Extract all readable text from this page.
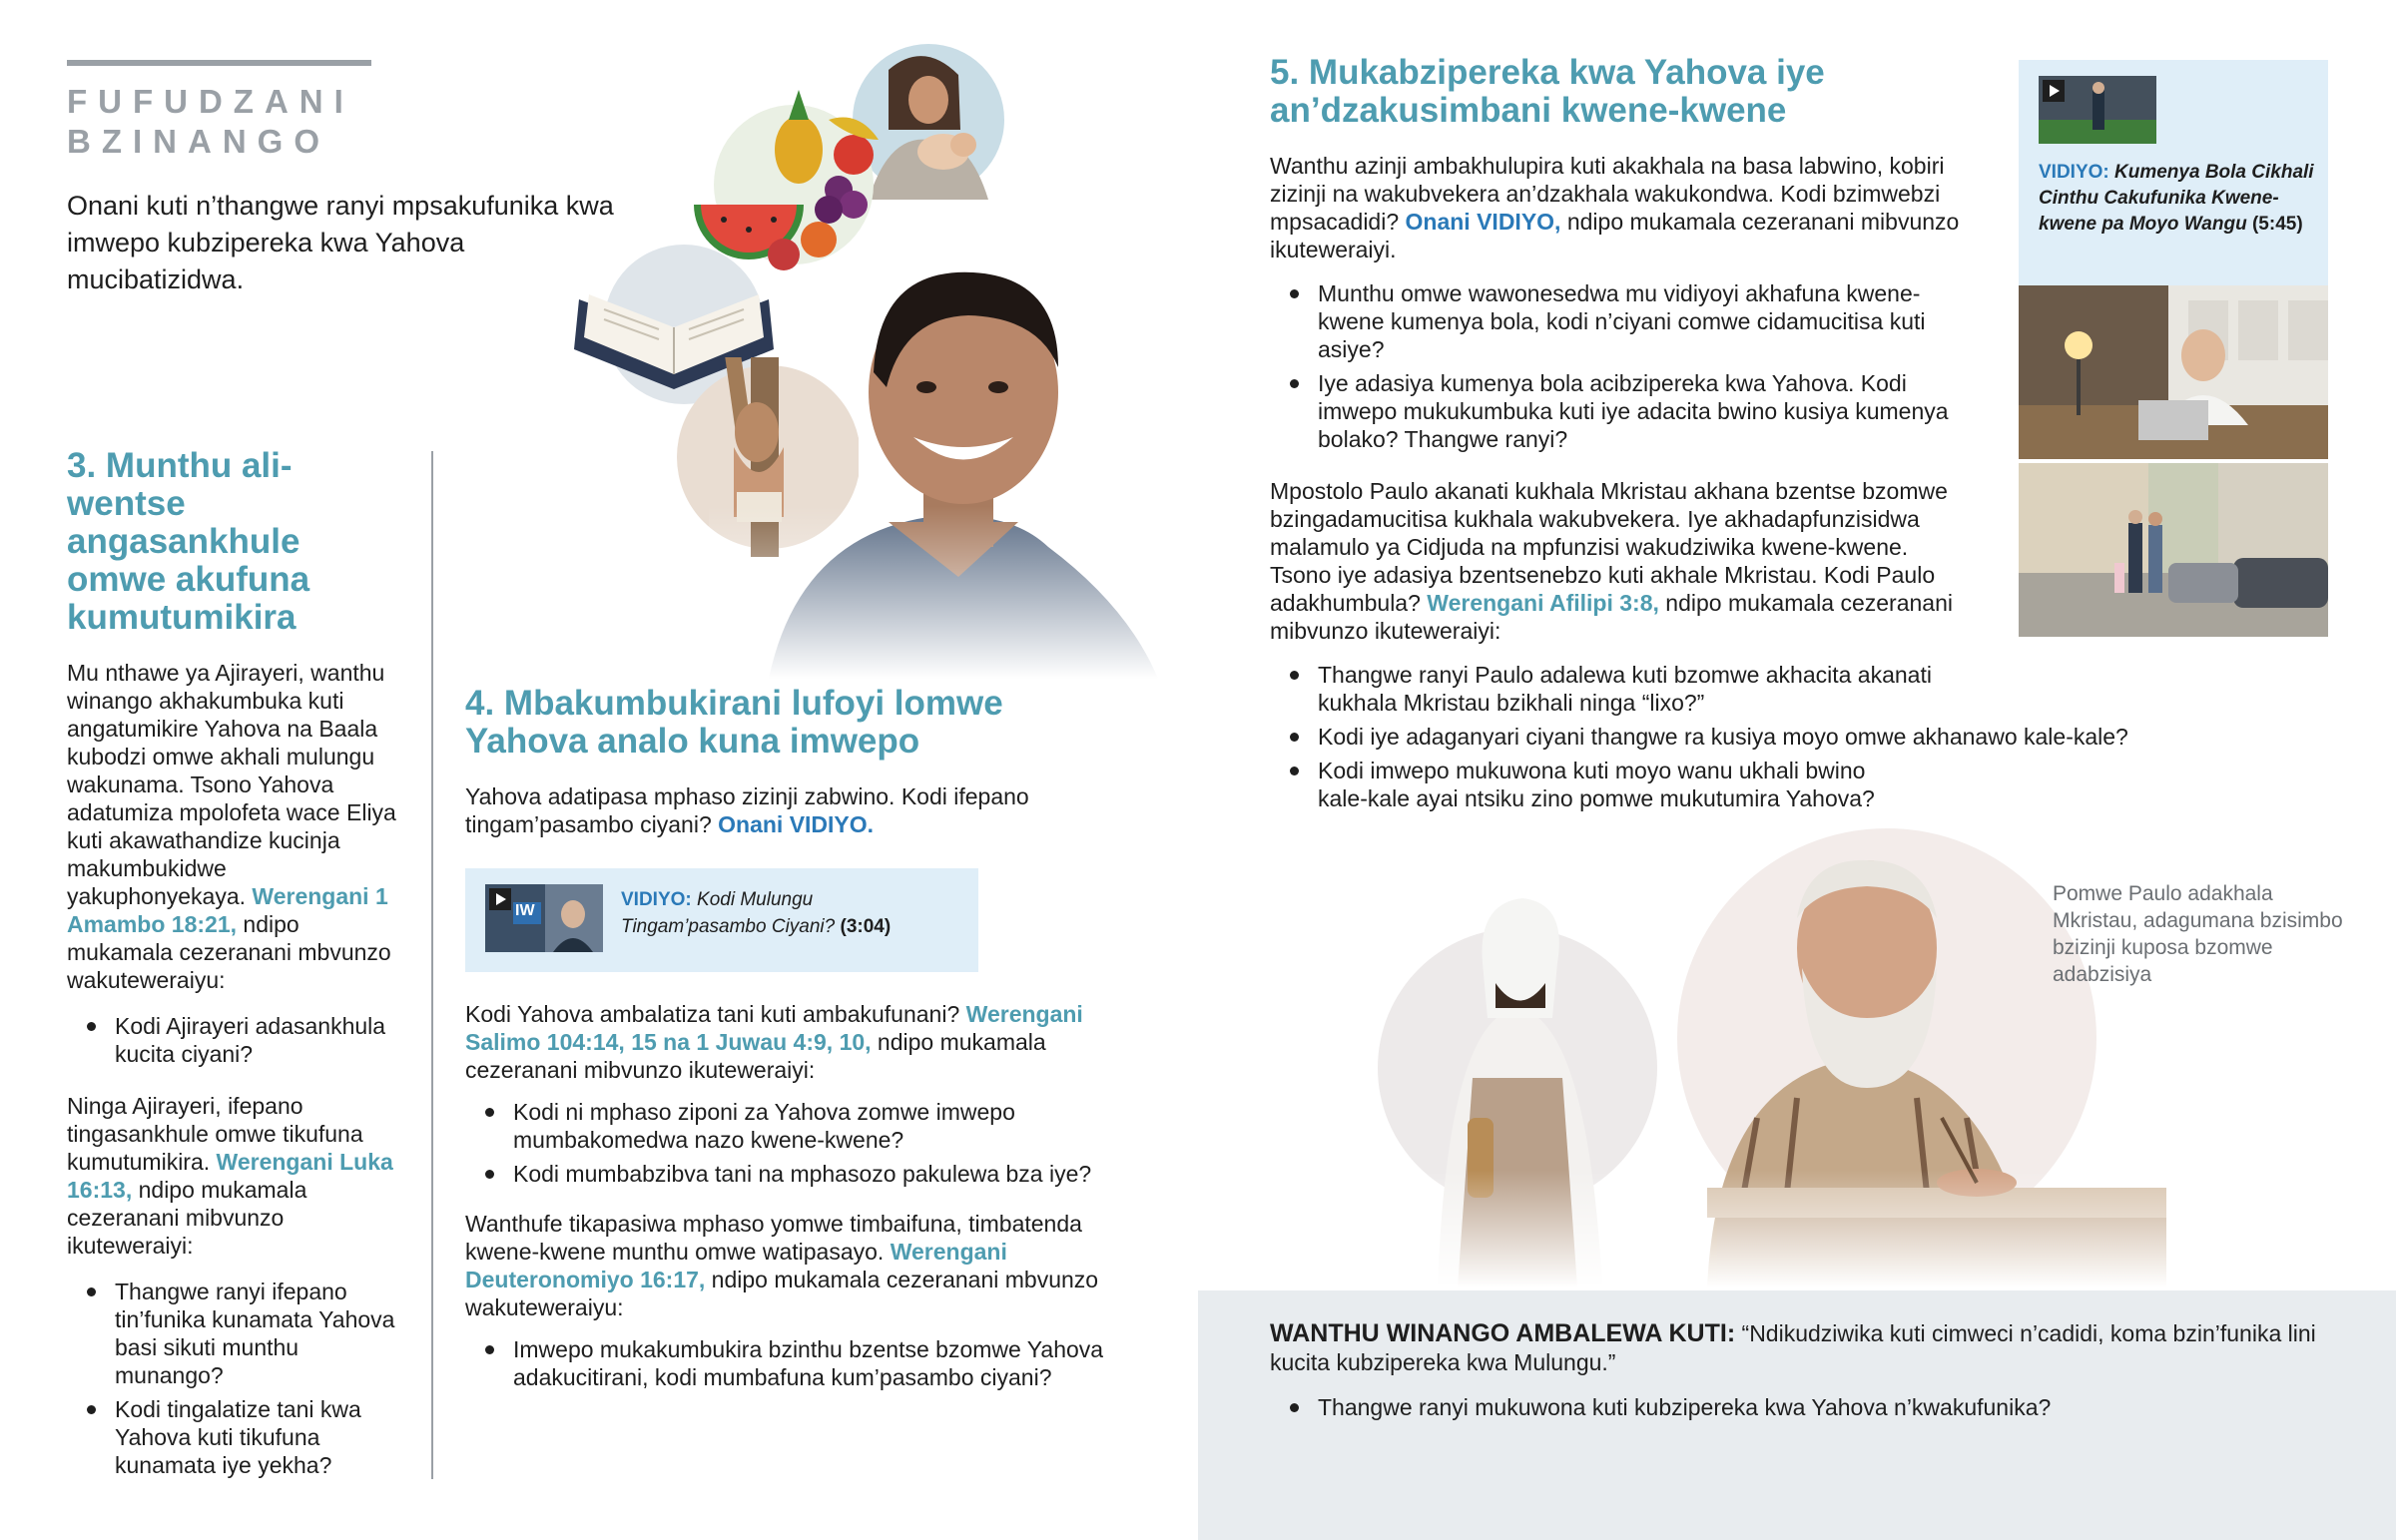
FUFUDZANI
BZINANGO

Onani kuti n’thangwe ranyi mpsakufunika kwa imwepo kubzipereka kwa Yahova mucibatizidwa.

3. Munthu ali-wentse angasankhule omwe akufuna kumutumikira

Mu nthawe ya Ajirayeri, wanthu winango akhakumbuka kuti angatumikire Yahova na Baala kubodzi omwe akhali mulungu wakunama. Tsono Yahova adatumiza mpolofeta wace Eliya kuti akawathandize kucinja makumbukidwe yakuphonyekaya. Werengani 1 Amambo 18:21, ndipo mukamala cezeranani mbvunzo wakuteweraiyu:

Kodi Ajirayeri adasankhula kucita ciyani?

Ninga Ajirayeri, ifepano tingasankhule omwe tikufuna kumutumikira. Werengani Luka 16:13, ndipo mukamala cezeranani mibvunzo ikuteweraiyi:

Thangwe ranyi ifepano tin’funika kunamata Yahova basi sikuti munthu munango?
Kodi tingalatize tani kwa Yahova kuti tikufuna kunamata iye yekha?
4. Mbakumbukirani lufoyi lomwe Yahova analo kuna imwepo

Yahova adatipasa mphaso zizinji zabwino. Kodi ifepano tingam’pasambo ciyani? Onani VIDIYO.

IW
VIDIYO: Kodi Mulungu Tingam’pasambo Ciyani? (3:04)

Kodi Yahova ambalatiza tani kuti ambakufunani? Werengani Salimo 104:14, 15 na 1 Juwau 4:9, 10, ndipo mukamala cezeranani mibvunzo ikuteweraiyi:

Kodi ni mphaso ziponi za Yahova zomwe imwepo mumbakomedwa nazo kwene-kwene?
Kodi mumbabzibva tani na mphasozo pakulewa bza iye?

Wanthufe tikapasiwa mphaso yomwe timbaifuna, timbatenda kwene-kwene munthu omwe watipasayo. Werengani Deuteronomiyo 16:17, ndipo mukamala cezeranani mbvunzo wakuteweraiyu:

Imwepo mukakumbukira bzinthu bzentse bzomwe Yahova adakucitirani, kodi mumbafuna kum’pasambo ciyani?
5. Mukabzipereka kwa Yahova iye an’dzakusimbani kwene-kwene

Wanthu azinji ambakhulupira kuti akakhala na basa labwino, kobiri zizinji na wakubvekera an’dzakhala wakukondwa. Kodi bzimwebzi mpsacadidi? Onani VIDIYO, ndipo mukamala cezeranani mibvunzo ikuteweraiyi.

Munthu omwe wawonesedwa mu vidiyoyi akhafuna kwene-kwene kumenya bola, kodi n’ciyani comwe cidamucitisa kuti asiye?
Iye adasiya kumenya bola acibzipereka kwa Yahova. Kodi imwepo mukukumbuka kuti iye adacita bwino kusiya kumenya bolako? Thangwe ranyi?

Mpostolo Paulo akanati kukhala Mkristau akhana bzentse bzomwe bzingadamucitisa kukhala wakubvekera. Iye akhadapfunzisidwa malamulo ya Cidjuda na mpfunzisi wakudziwika kwene-kwene. Tsono iye adasiya bzentsenebzo kuti akhale Mkristau. Kodi Paulo adakhumbula? Werengani Afilipi 3:8, ndipo mukamala cezeranani mibvunzo ikuteweraiyi:

Thangwe ranyi Paulo adalewa kuti bzomwe akhacita akanati kukhala Mkristau bzikhali ninga “lixo?”
Kodi iye adaganyari ciyani thangwe ra kusiya moyo omwe akhanawo kale-kale?
Kodi imwepo mukuwona kuti moyo wanu ukhali bwino kale-kale ayai ntsiku zino pomwe mukutumira Yahova?
VIDIYO: Kumenya Bola Cikhali Cinthu Cakufunika Kwene-kwene pa Moyo Wangu (5:45)

Pomwe Paulo adakhala Mkristau, adagumana bzisimbo bzizinji kuposa bzomwe adabzisiya

WANTHU WINANGO AMBALEWA KUTI: “Ndikudziwika kuti cimweci n’cadidi, koma bzin’funika lini kucita kubzipereka kwa Mulungu.”

Thangwe ranyi mukuwona kuti kubzipereka kwa Yahova n’kwakufunika?
